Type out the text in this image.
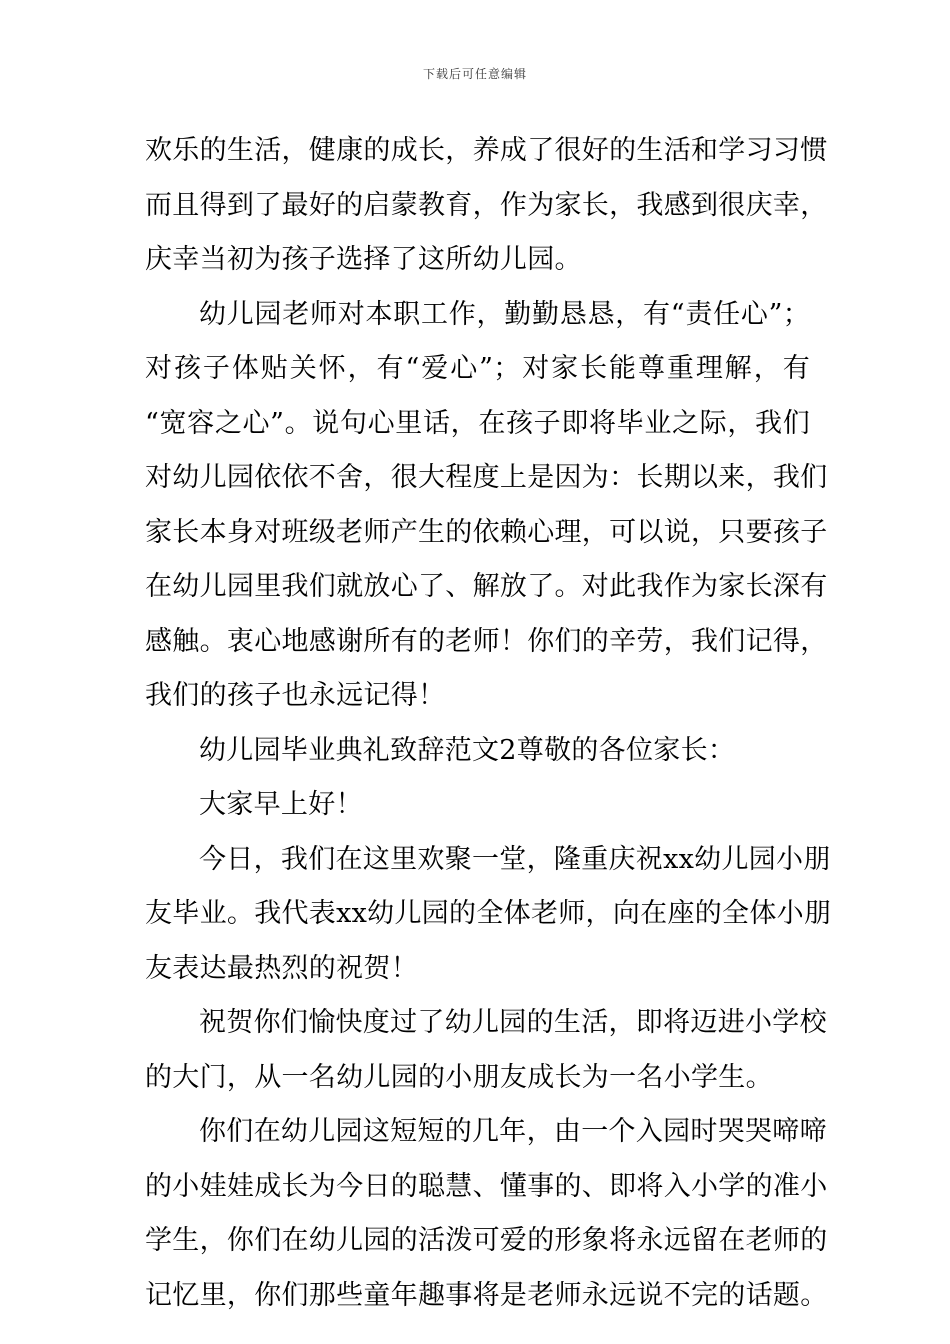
下载后可任意编辑
欢乐的生活，健康的成长，养成了很好的生活和学习习惯
而且得到了最好的启蒙教育，作为家长，我感到很庆幸，
庆幸当初为孩子选择了这所幼儿园。
幼儿园老师对本职工作，勤勤恳恳，有“责任心”；
对孩子体贴关怀，有“爱心”；对家长能尊重理解，有
“宽容之心”。说句心里话，在孩子即将毕业之际，我们
对幼儿园依依不舍，很大程度上是因为：长期以来，我们
家长本身对班级老师产生的依赖心理，可以说，只要孩子
在幼儿园里我们就放心了、解放了。对此我作为家长深有
感触。衷心地感谢所有的老师！你们的辛劳，我们记得，
我们的孩子也永远记得！
幼儿园毕业典礼致辞范文2尊敬的各位家长：
大家早上好！
今日，我们在这里欢聚一堂，隆重庆祝xx幼儿园小朋
友毕业。我代表xx幼儿园的全体老师，向在座的全体小朋
友表达最热烈的祝贺！
祝贺你们愉快度过了幼儿园的生活，即将迈进小学校
的大门，从一名幼儿园的小朋友成长为一名小学生。
你们在幼儿园这短短的几年，由一个入园时哭哭啼啼
的小娃娃成长为今日的聪慧、懂事的、即将入小学的准小
学生，你们在幼儿园的活泼可爱的形象将永远留在老师的
记忆里，你们那些童年趣事将是老师永远说不完的话题。
